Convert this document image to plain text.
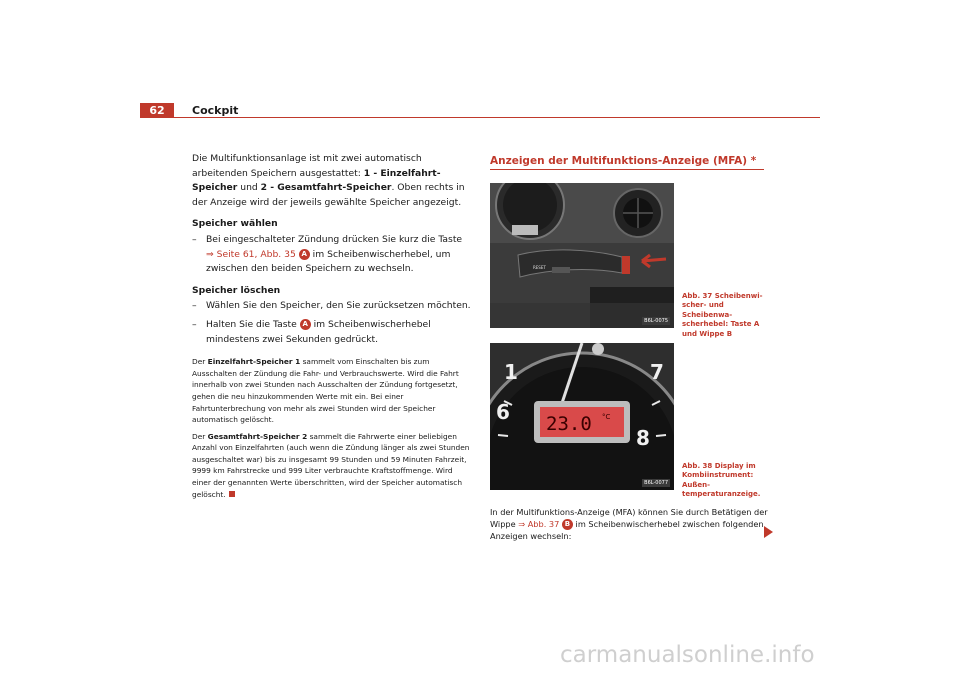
62	Cockpit

Die Multifunktionsanlage ist mit zwei automatisch arbeitenden Speichern ausgestattet: 1 - Einzelfahrt-Speicher und 2 - Gesamtfahrt-Speicher. Oben rechts in der Anzeige wird der jeweils gewählte Speicher angezeigt.

Speicher wählen
– Bei eingeschalteter Zündung drücken Sie kurz die Taste ⇒ Seite 61, Abb. 35 A im Scheibenwischerhebel, um zwischen den beiden Speichern zu wechseln.
Speicher löschen
– Wählen Sie den Speicher, den Sie zurücksetzen möchten.
– Halten Sie die Taste A im Scheibenwischerhebel mindestens zwei Sekunden gedrückt.

Der Einzelfahrt-Speicher 1 sammelt vom Einschalten bis zum Ausschalten der Zündung die Fahr- und Verbrauchswerte. Wird die Fahrt innerhalb von zwei Stunden nach Ausschalten der Zündung fortgesetzt, gehen die neu hinzukommenden Werte mit ein. Bei einer Fahrtunterbrechung von mehr als zwei Stunden wird der Speicher automatisch gelöscht.

Der Gesamtfahrt-Speicher 2 sammelt die Fahrwerte einer beliebigen Anzahl von Einzelfahrten (auch wenn die Zündung länger als zwei Stunden ausgeschaltet war) bis zu insgesamt 99 Stunden und 59 Minuten Fahrzeit, 9999 km Fahrstrecke und 999 Liter verbrauchte Kraftstoffmenge. Wird einer der genannten Werte überschritten, wird der Speicher automatisch gelöscht.

Anzeigen der Multifunktions-Anzeige (MFA) *
RESET
B6L-0075
Abb. 37 Scheibenwischer- und Scheibenwascherhebel: Taste A und Wippe B
1	7
6
8
23.0 °C
B6L-0077
Abb. 38 Display im Kombiinstrument: Außentemperaturanzeige.
In der Multifunktions-Anzeige (MFA) können Sie durch Betätigen der Wippe ⇒ Abb. 37 B im Scheibenwischerhebel zwischen folgenden Anzeigen wechseln:
carmanualsonline.info
